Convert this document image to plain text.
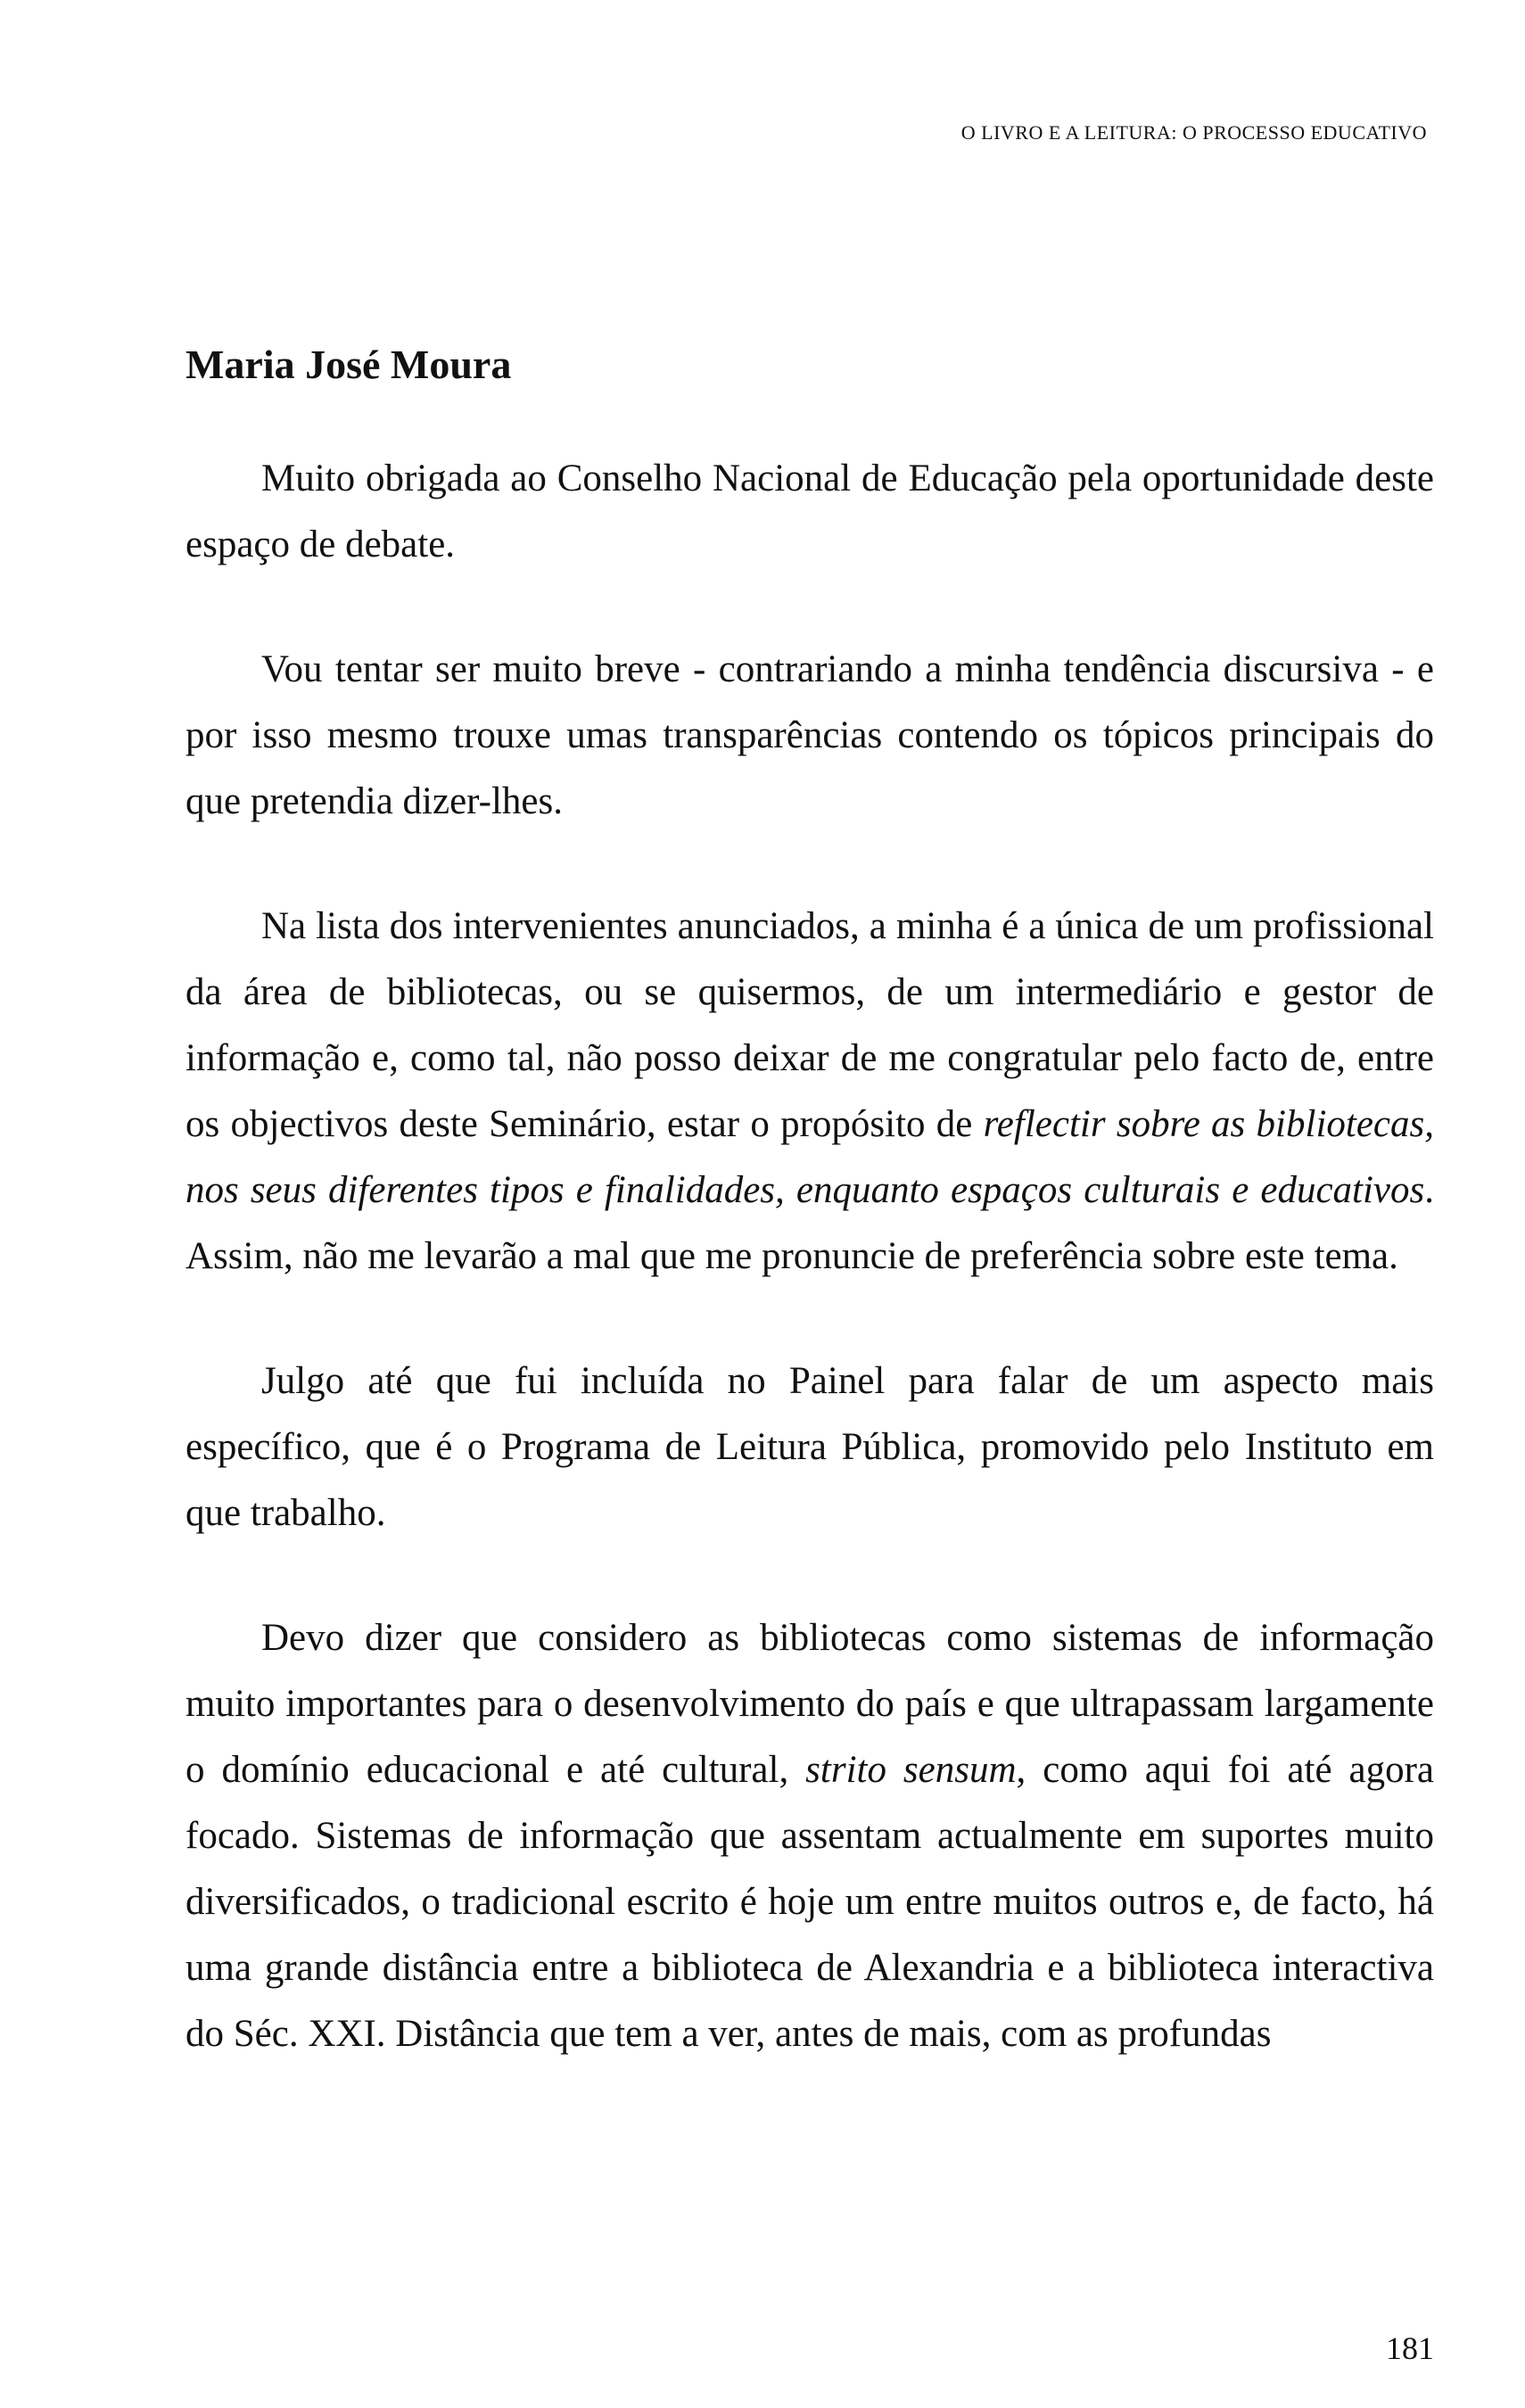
O LIVRO E A LEITURA: O PROCESSO EDUCATIVO
Maria José Moura

Muito obrigada ao Conselho Nacional de Educação pela oportunidade deste espaço de debate.

Vou tentar ser muito breve - contrariando a minha tendência discursiva - e por isso mesmo trouxe umas transparências contendo os tópicos principais do que pretendia dizer-lhes.

Na lista dos intervenientes anunciados, a minha é a única de um profissional da área de bibliotecas, ou se quisermos, de um intermediário e gestor de informação e, como tal, não posso deixar de me congratular pelo facto de, entre os objectivos deste Seminário, estar o propósito de reflectir sobre as bibliotecas, nos seus diferentes tipos e finalidades, enquanto espaços culturais e educativos. Assim, não me levarão a mal que me pronuncie de preferência sobre este tema.

Julgo até que fui incluída no Painel para falar de um aspecto mais específico, que é o Programa de Leitura Pública, promovido pelo Instituto em que trabalho.

Devo dizer que considero as bibliotecas como sistemas de informação muito importantes para o desenvolvimento do país e que ultrapassam largamente o domínio educacional e até cultural, strito sensum, como aqui foi até agora focado. Sistemas de informação que assentam actualmente em suportes muito diversificados, o tradicional escrito é hoje um entre muitos outros e, de facto, há uma grande distância entre a biblioteca de Alexandria e a biblioteca interactiva do Séc. XXI. Distância que tem a ver, antes de mais, com as profundas

181
